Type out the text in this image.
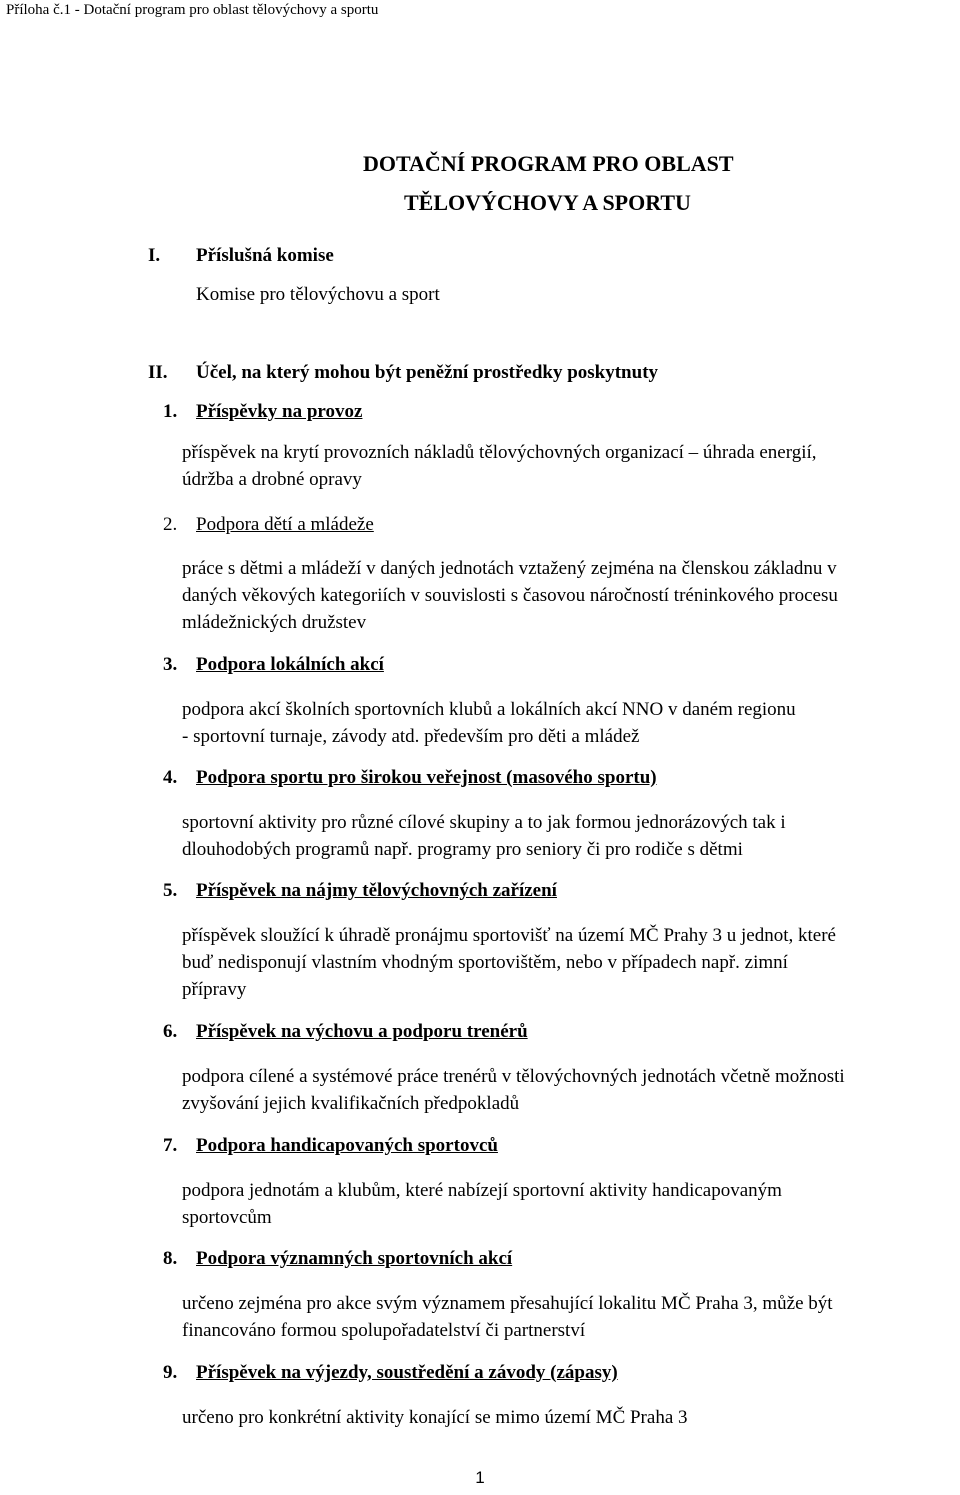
Příloha č.1 - Dotační program pro oblast tělovýchovy a sportu
DOTAČNÍ PROGRAM PRO OBLAST
TĚLOVÝCHOVY A SPORTU
I. Příslušná komise
Komise pro tělovýchovu a sport
II. Účel, na který mohou být peněžní prostředky poskytnuty
1. Příspěvky na provoz
příspěvek na krytí provozních nákladů tělovýchovných organizací – úhrada energií,
údržba a drobné opravy
2. Podpora dětí a mládeže
práce s dětmi a mládeží v daných jednotách vztažený zejména na členskou základnu v
daných věkových kategoriích v souvislosti s časovou náročností tréninkového procesu
mládežnických družstev
3. Podpora lokálních akcí
podpora akcí školních sportovních klubů a lokálních akcí NNO v daném regionu
- sportovní turnaje, závody atd. především pro děti a mládež
4. Podpora sportu pro širokou veřejnost (masového sportu)
sportovní aktivity pro různé cílové skupiny a to jak formou jednorázových tak i
dlouhodobých programů např. programy pro seniory či pro rodiče s dětmi
5. Příspěvek na nájmy tělovýchovných zařízení
příspěvek sloužící k úhradě pronájmu sportovišť na území MČ Prahy 3 u jednot, které
buď nedisponují vlastním vhodným sportovištěm, nebo v případech např. zimní
přípravy
6. Příspěvek na výchovu a podporu trenérů
podpora cílené a systémové práce trenérů v tělovýchovných jednotách včetně možnosti
zvyšování jejich kvalifikačních předpokladů
7. Podpora handicapovaných sportovců
podpora jednotám a klubům, které nabízejí sportovní aktivity handicapovaným
sportovcům
8. Podpora významných sportovních akcí
určeno zejména pro akce svým významem přesahující lokalitu MČ Praha 3, může být
financováno formou spolupořadatelství či partnerství
9. Příspěvek na výjezdy, soustředění a závody (zápasy)
určeno pro konkrétní aktivity konající se mimo území MČ Praha 3
1
